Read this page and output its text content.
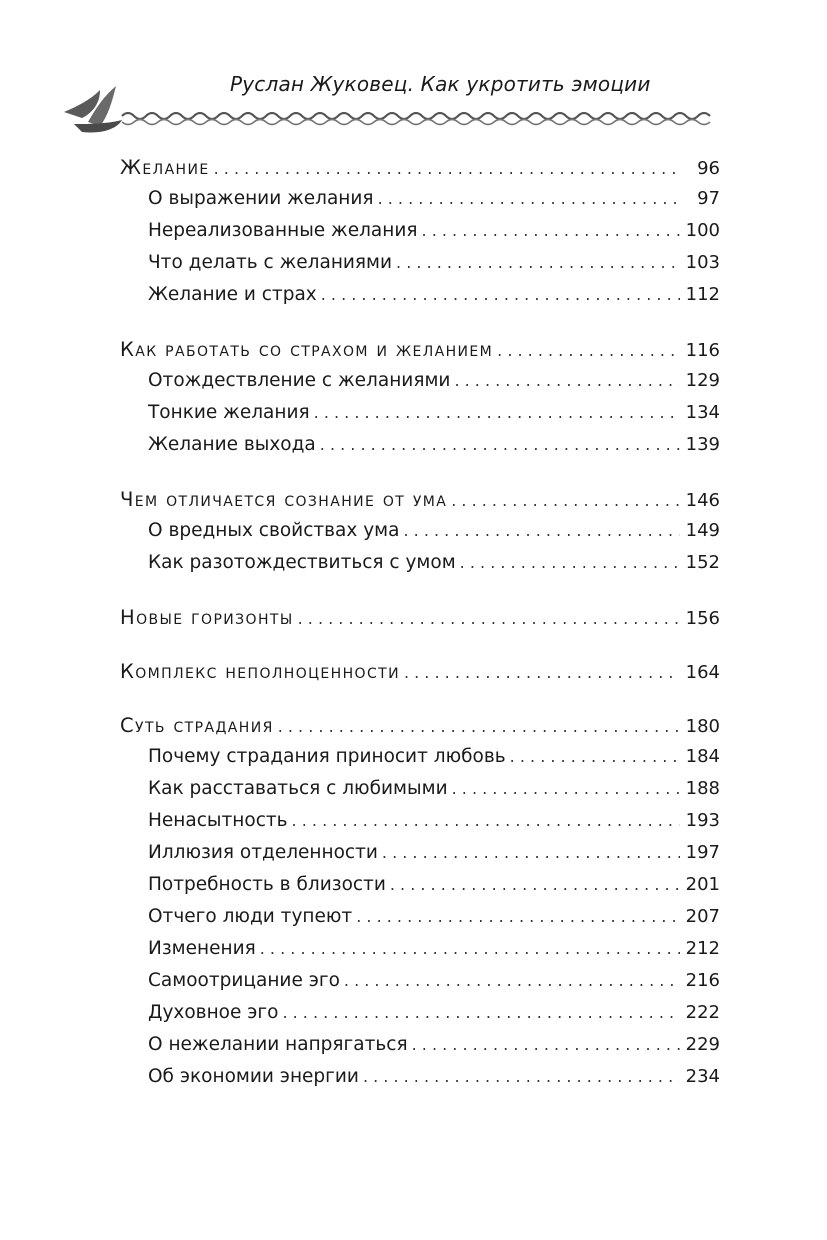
Руслан Жуковец. Как укротить эмоции
Желание . . .	96
О выражении желания . . .	97
Нереализованные желания . . .	100
Что делать с желаниями . . .	103
Желание и страх . . .	112
Как работать со страхом и желанием . . .	116
Отождествление с желаниями . . .	129
Тонкие желания . . .	134
Желание выхода . . .	139
Чем отличается сознание от ума . . .	146
О вредных свойствах ума . . .	149
Как разотождествиться с умом . . .	152
Новые горизонты . . .	156
Комплекс неполноценности . . .	164
Суть страдания . . .	180
Почему страдания приносит любовь . . .	184
Как расставаться с любимыми . . .	188
Ненасытность . . .	193
Иллюзия отделенности . . .	197
Потребность в близости . . .	201
Отчего люди тупеют . . .	207
Изменения . . .	212
Самоотрицание эго . . .	216
Духовное эго . . .	222
О нежелании напрягаться . . .	229
Об экономии энергии . . .	234
